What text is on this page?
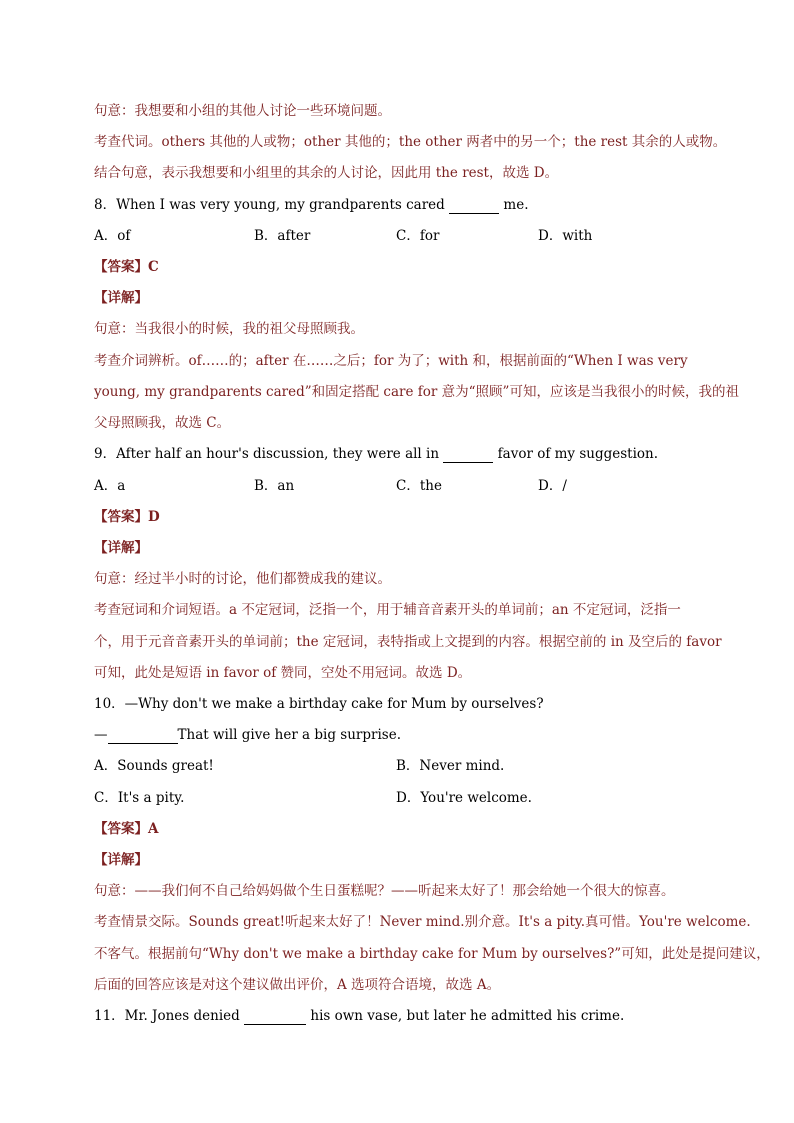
句意：我想要和小组的其他人讨论一些环境问题。
考查代词。others 其他的人或物；other 其他的；the other 两者中的另一个；the rest 其余的人或物。
结合句意，表示我想要和小组里的其余的人讨论，因此用 the rest，故选 D。
8．When I was very young, my grandparents cared	me.
A．of	B．after	C．for	D．with
【答案】C
【详解】
句意：当我很小的时候，我的祖父母照顾我。
考查介词辨析。of……的；after 在……之后；for 为了；with 和，根据前面的“When I was very
young, my grandparents cared”和固定搭配 care for 意为“照顾”可知，应该是当我很小的时候，我的祖
父母照顾我，故选 C。
9．After half an hour's discussion, they were all in	favor of my suggestion.
A．a	B．an	C．the	D．/
【答案】D
【详解】
句意：经过半小时的讨论，他们都赞成我的建议。
考查冠词和介词短语。a 不定冠词，泛指一个，用于辅音音素开头的单词前；an 不定冠词，泛指一
个，用于元音音素开头的单词前；the 定冠词，表特指或上文提到的内容。根据空前的 in 及空后的 favor
可知，此处是短语 in favor of 赞同，空处不用冠词。故选 D。
10．—Why don't we make a birthday cake for Mum by ourselves?
—	That will give her a big surprise.
A．Sounds great!	B．Never mind.
C．It's a pity.	D．You're welcome.
【答案】A
【详解】
句意：——我们何不自己给妈妈做个生日蛋糕呢？——听起来太好了！那会给她一个很大的惊喜。
考查情景交际。Sounds great!听起来太好了！Never mind.别介意。It's a pity.真可惜。You're welcome.
不客气。根据前句“Why don't we make a birthday cake for Mum by ourselves?”可知，此处是提问建议，
后面的回答应该是对这个建议做出评价，A 选项符合语境，故选 A。
11．Mr. Jones denied	his own vase, but later he admitted his crime.
